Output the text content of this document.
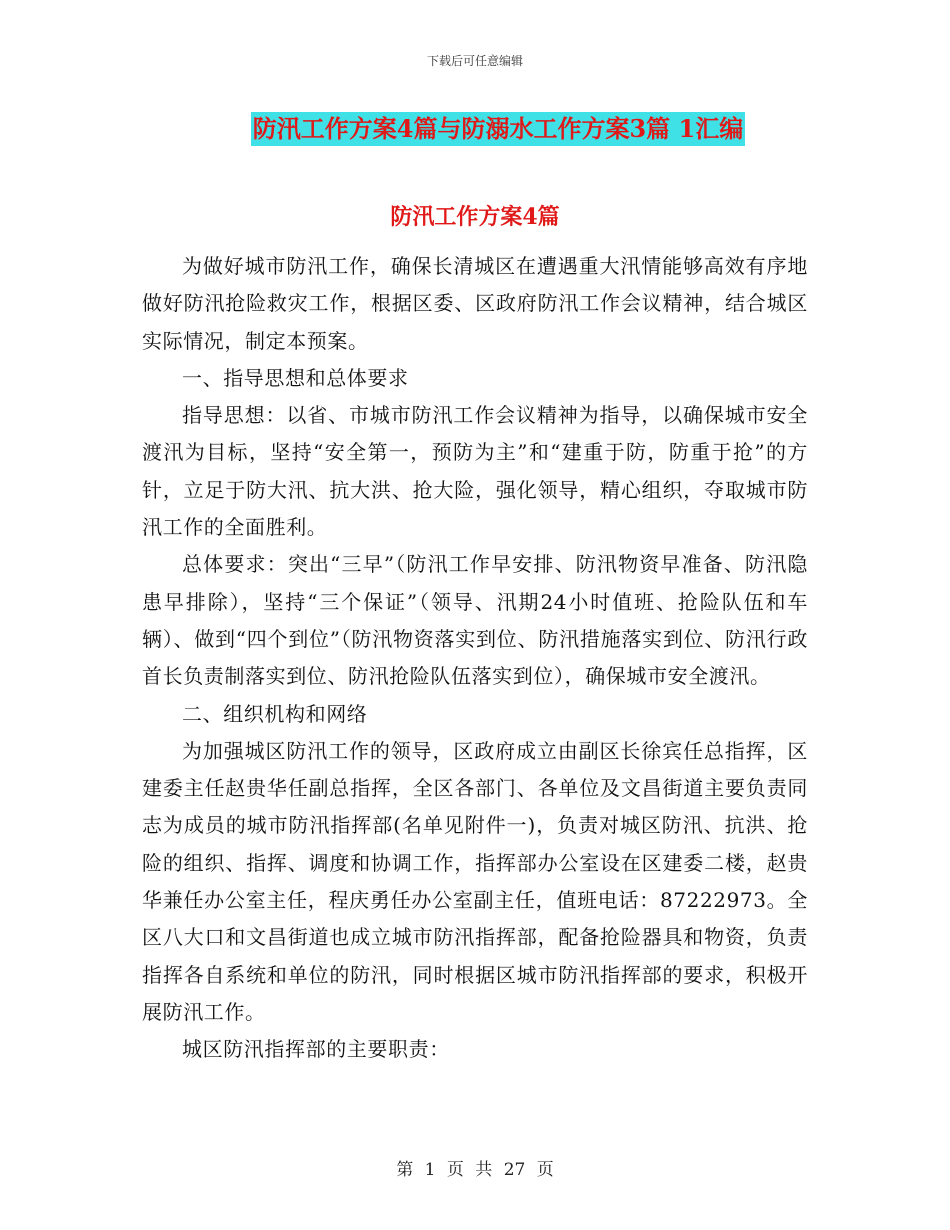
下载后可任意编辑
防汛工作方案4篇与防溺水工作方案3篇 1汇编
防汛工作方案4篇

为做好城市防汛工作，确保长清城区在遭遇重大汛情能够高效有序地做好防汛抢险救灾工作，根据区委、区政府防汛工作会议精神，结合城区实际情况，制定本预案。

一、指导思想和总体要求

指导思想：以省、市城市防汛工作会议精神为指导，以确保城市安全渡汛为目标，坚持“安全第一，预防为主”和“建重于防，防重于抢”的方针，立足于防大汛、抗大洪、抢大险，强化领导，精心组织，夺取城市防汛工作的全面胜利。

总体要求：突出“三早”（防汛工作早安排、防汛物资早准备、防汛隐患早排除），坚持“三个保证”（领导、汛期24小时值班、抢险队伍和车辆）、做到“四个到位”（防汛物资落实到位、防汛措施落实到位、防汛行政首长负责制落实到位、防汛抢险队伍落实到位），确保城市安全渡汛。

二、组织机构和网络

为加强城区防汛工作的领导，区政府成立由副区长徐宾任总指挥，区建委主任赵贵华任副总指挥，全区各部门、各单位及文昌街道主要负责同志为成员的城市防汛指挥部(名单见附件一)，负责对城区防汛、抗洪、抢险的组织、指挥、调度和协调工作，指挥部办公室设在区建委二楼，赵贵华兼任办公室主任，程庆勇任办公室副主任，值班电话：87222973。全区八大口和文昌街道也成立城市防汛指挥部，配备抢险器具和物资，负责指挥各自系统和单位的防汛，同时根据区城市防汛指挥部的要求，积极开展防汛工作。

城区防汛指挥部的主要职责：

第 1 页 共 27 页
